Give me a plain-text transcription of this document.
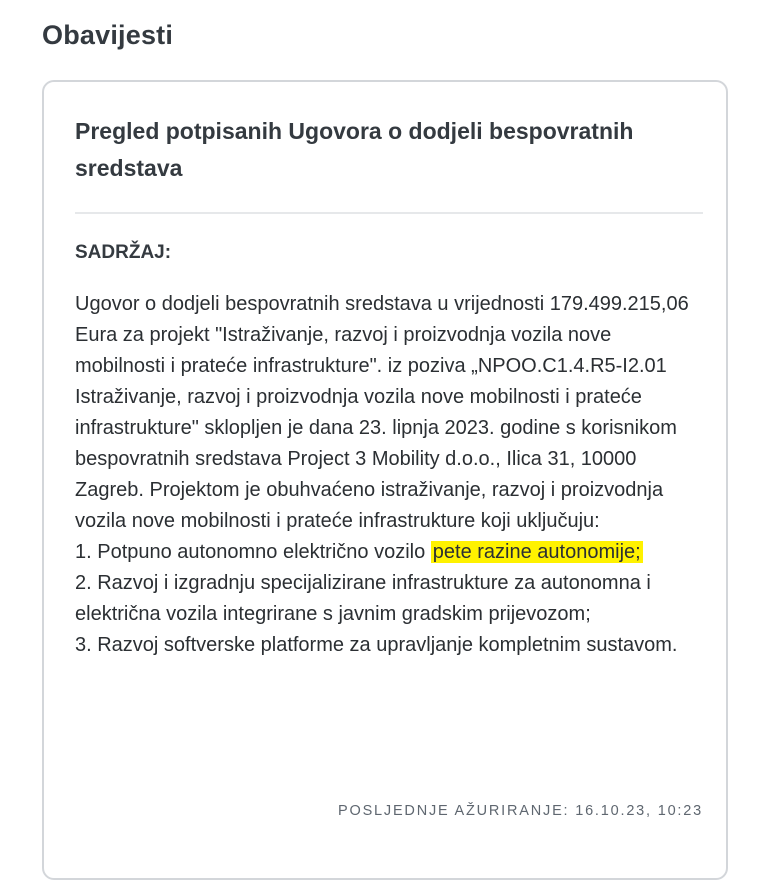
Obavijesti
Pregled potpisanih Ugovora o dodjeli bespovratnih sredstava
SADRŽAJ:
Ugovor o dodjeli bespovratnih sredstava u vrijednosti 179.499.215,06 Eura za projekt "Istraživanje, razvoj i proizvodnja vozila nove mobilnosti i prateće infrastrukture". iz poziva „NPOO.C1.4.R5-I2.01 Istraživanje, razvoj i proizvodnja vozila nove mobilnosti i prateće infrastrukture" sklopljen je dana 23. lipnja 2023. godine s korisnikom bespovratnih sredstava Project 3 Mobility d.o.o., Ilica 31, 10000 Zagreb. Projektom je obuhvaćeno istraživanje, razvoj i proizvodnja vozila nove mobilnosti i prateće infrastrukture koji uključuju:
1. Potpuno autonomno električno vozilo pete razine autonomije;
2. Razvoj i izgradnju specijalizirane infrastrukture za autonomna i električna vozila integrirane s javnim gradskim prijevozom;
3. Razvoj softverske platforme za upravljanje kompletnim sustavom.
POSLJEDNJE AŽURIRANJE: 16.10.23, 10:23
